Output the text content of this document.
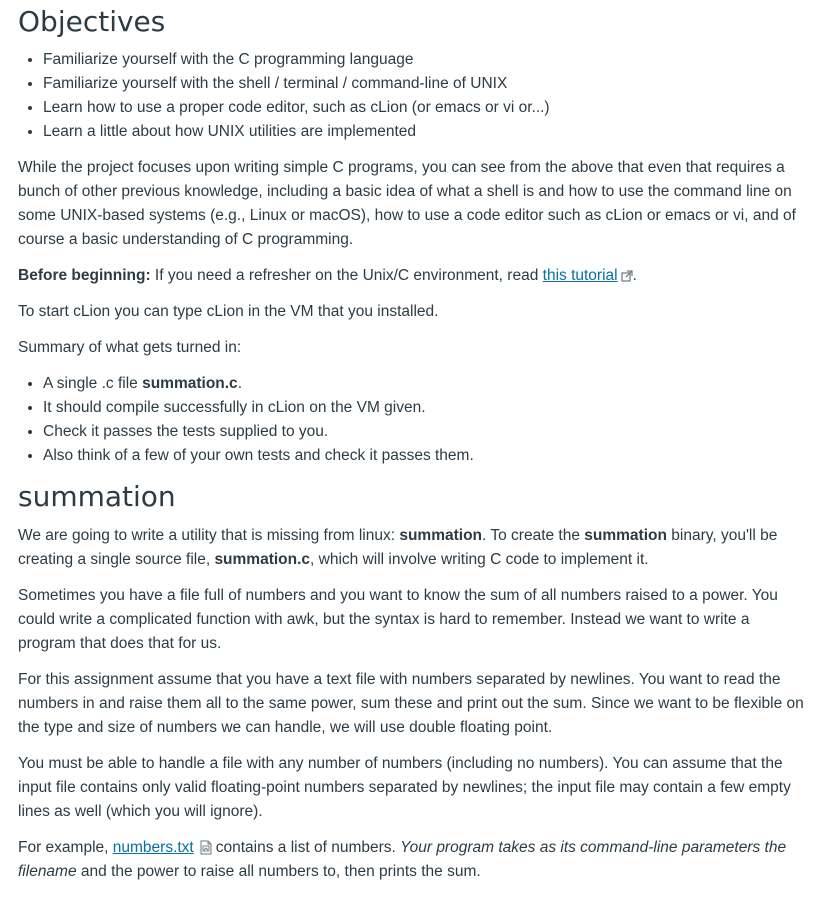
Objectives
• Familiarize yourself with the C programming language
• Familiarize yourself with the shell / terminal / command-line of UNIX
• Learn how to use a proper code editor, such as cLion (or emacs or vi or...)
• Learn a little about how UNIX utilities are implemented

While the project focuses upon writing simple C programs, you can see from the above that even that requires a bunch of other previous knowledge, including a basic idea of what a shell is and how to use the command line on some UNIX-based systems (e.g., Linux or macOS), how to use a code editor such as cLion or emacs or vi, and of course a basic understanding of C programming.

Before beginning: If you need a refresher on the Unix/C environment, read this tutorial .

To start cLion you can type cLion in the VM that you installed.

Summary of what gets turned in:

• A single .c file summation.c.
• It should compile successfully in cLion on the VM given.
• Check it passes the tests supplied to you.
• Also think of a few of your own tests and check it passes them.
summation

We are going to write a utility that is missing from linux: summation. To create the summation binary, you'll be creating a single source file, summation.c, which will involve writing C code to implement it.

Sometimes you have a file full of numbers and you want to know the sum of all numbers raised to a power. You could write a complicated function with awk, but the syntax is hard to remember. Instead we want to write a program that does that for us.

For this assignment assume that you have a text file with numbers separated by newlines. You want to read the numbers in and raise them all to the same power, sum these and print out the sum. Since we want to be flexible on the type and size of numbers we can handle, we will use double floating point.

You must be able to handle a file with any number of numbers (including no numbers). You can assume that the input file contains only valid floating-point numbers separated by newlines; the input file may contain a few empty lines as well (which you will ignore).

For example, numbers.txt contains a list of numbers. Your program takes as its command-line parameters the filename and the power to raise all numbers to, then prints the sum.
